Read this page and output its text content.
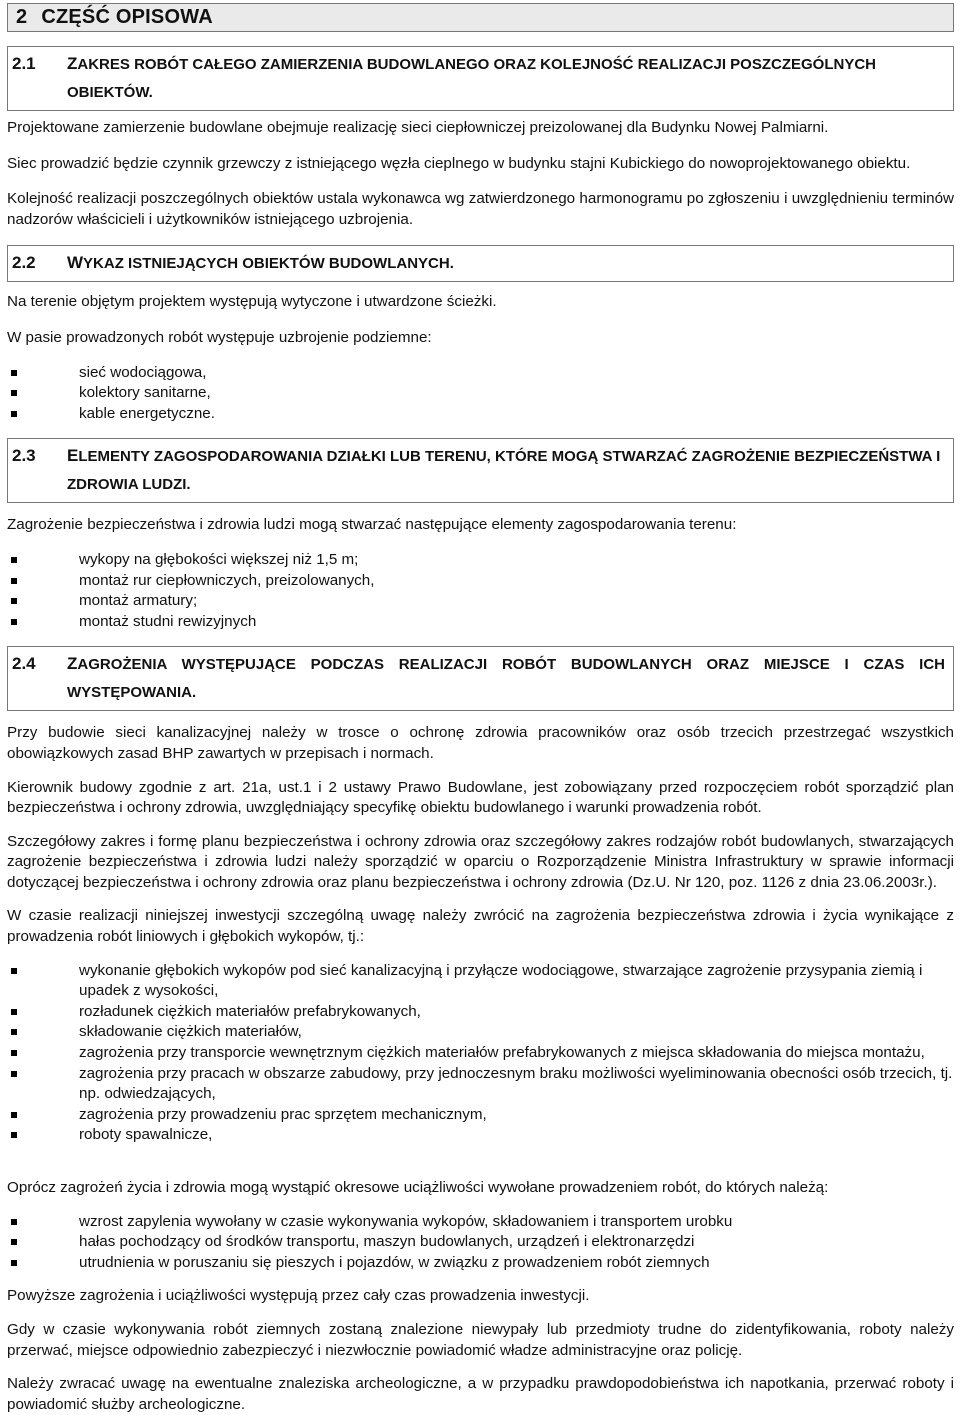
2 CZĘŚĆ OPISOWA
2.1	ZAKRES ROBÓT CAŁEGO ZAMIERZENIA BUDOWLANEGO ORAZ KOLEJNOŚĆ REALIZACJI POSZCZEGÓLNYCH OBIEKTÓW.

Projektowane zamierzenie budowlane obejmuje realizację sieci ciepłowniczej preizolowanej dla Budynku Nowej Palmiarni.

Siec prowadzić będzie czynnik grzewczy z istniejącego węzła cieplnego w budynku stajni Kubickiego do nowoprojektowanego obiektu.

Kolejność realizacji poszczególnych obiektów ustala wykonawca wg zatwierdzonego harmonogramu po zgłoszeniu i uwzględnieniu terminów nadzorów właścicieli i użytkowników istniejącego uzbrojenia.

2.2	WYKAZ ISTNIEJĄCYCH OBIEKTÓW BUDOWLANYCH.

Na terenie objętym projektem występują wytyczone i utwardzone ścieżki.

W pasie prowadzonych robót występuje uzbrojenie podziemne:

sieć wodociągowa,
kolektory sanitarne,
kable energetyczne.
2.3	ELEMENTY ZAGOSPODAROWANIA DZIAŁKI LUB TERENU, KTÓRE MOGĄ STWARZAĆ ZAGROŻENIE BEZPIECZEŃSTWA I ZDROWIA LUDZI.

Zagrożenie bezpieczeństwa i zdrowia ludzi mogą stwarzać następujące elementy zagospodarowania terenu:

wykopy na głębokości większej niż 1,5 m;
montaż rur ciepłowniczych, preizolowanych,
montaż armatury;
montaż studni rewizyjnych
2.4	ZAGROŻENIA WYSTĘPUJĄCE PODCZAS REALIZACJI ROBÓT BUDOWLANYCH ORAZ MIEJSCE I CZAS ICH WYSTĘPOWANIA.

Przy budowie sieci kanalizacyjnej należy w trosce o ochronę zdrowia pracowników oraz osób trzecich przestrzegać wszystkich obowiązkowych zasad BHP zawartych w przepisach i normach.

Kierownik budowy zgodnie z art. 21a, ust.1 i 2 ustawy Prawo Budowlane, jest zobowiązany przed rozpoczęciem robót sporządzić plan bezpieczeństwa i ochrony zdrowia, uwzględniający specyfikę obiektu budowlanego i warunki prowadzenia robót.

Szczegółowy zakres i formę planu bezpieczeństwa i ochrony zdrowia oraz szczegółowy zakres rodzajów robót budowlanych, stwarzających zagrożenie bezpieczeństwa i zdrowia ludzi należy sporządzić w oparciu o Rozporządzenie Ministra Infrastruktury w sprawie informacji dotyczącej bezpieczeństwa i ochrony zdrowia oraz planu bezpieczeństwa i ochrony zdrowia (Dz.U. Nr 120, poz. 1126 z dnia 23.06.2003r.).

W czasie realizacji niniejszej inwestycji szczególną uwagę należy zwrócić na zagrożenia bezpieczeństwa zdrowia i życia wynikające z prowadzenia robót liniowych i głębokich wykopów, tj.:

wykonanie głębokich wykopów pod sieć kanalizacyjną i przyłącze wodociągowe, stwarzające zagrożenie przysypania ziemią i upadek z wysokości,
rozładunek ciężkich materiałów prefabrykowanych,
składowanie ciężkich materiałów,
zagrożenia przy transporcie wewnętrznym ciężkich materiałów prefabrykowanych z miejsca składowania do miejsca montażu,
zagrożenia przy pracach w obszarze zabudowy, przy jednoczesnym braku możliwości wyeliminowania obecności osób trzecich, tj. np. odwiedzających,
zagrożenia przy prowadzeniu prac sprzętem mechanicznym,
roboty spawalnicze,

Oprócz zagrożeń życia i zdrowia mogą wystąpić okresowe uciążliwości wywołane prowadzeniem robót, do których należą:

wzrost zapylenia wywołany w czasie wykonywania wykopów, składowaniem i transportem urobku
hałas pochodzący od środków transportu, maszyn budowlanych, urządzeń i elektronarzędzi
utrudnienia w poruszaniu się pieszych i pojazdów, w związku z prowadzeniem robót ziemnych

Powyższe zagrożenia i uciążliwości występują przez cały czas prowadzenia inwestycji.

Gdy w czasie wykonywania robót ziemnych zostaną znalezione niewypały lub przedmioty trudne do zidentyfikowania, roboty należy przerwać, miejsce odpowiednio zabezpieczyć i niezwłocznie powiadomić władze administracyjne oraz policję.

Należy zwracać uwagę na ewentualne znaleziska archeologiczne, a w przypadku prawdopodobieństwa ich napotkania, przerwać roboty i powiadomić służby archeologiczne.
